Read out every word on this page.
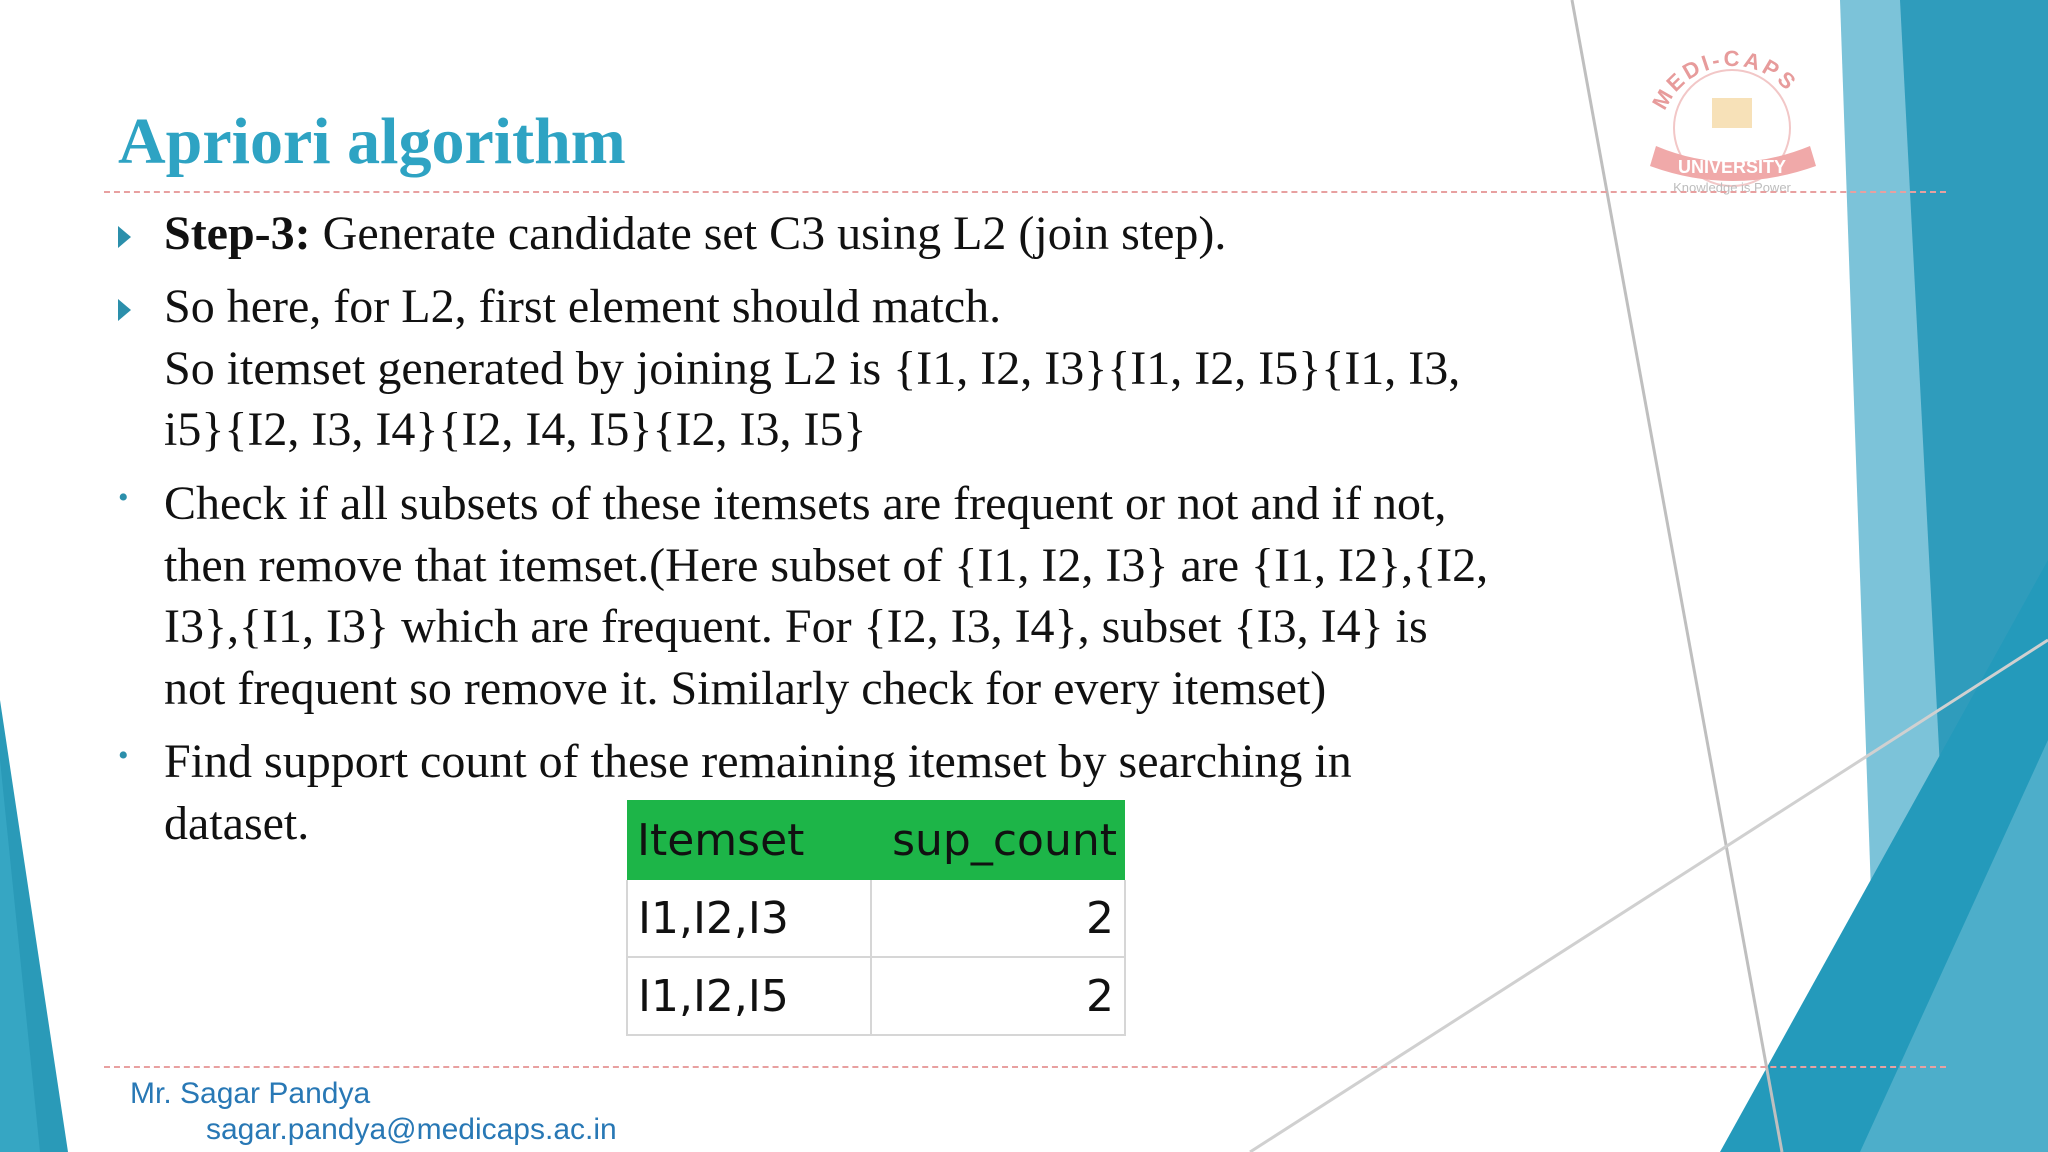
MEDI-CAPS
UNIVERSITY
Knowledge is Power
Apriori algorithm
Step-3: Generate candidate set C3 using L2 (join step).
So here, for L2, first element should match.
So itemset generated by joining L2 is {I1, I2, I3}{I1, I2, I5}{I1, I3,
i5}{I2, I3, I4}{I2, I4, I5}{I2, I3, I5}
• Check if all subsets of these itemsets are frequent or not and if not,
then remove that itemset.(Here subset of {I1, I2, I3} are {I1, I2},{I2,
I3},{I1, I3} which are frequent. For {I2, I3, I4}, subset {I3, I4} is
not frequent so remove it. Similarly check for every itemset)
• Find support count of these remaining itemset by searching in
dataset.	Itemset	sup_count
I1,I2,I3	2
I1,I2,I5	2
Mr. Sagar Pandya
sagar.pandya@medicaps.ac.in
